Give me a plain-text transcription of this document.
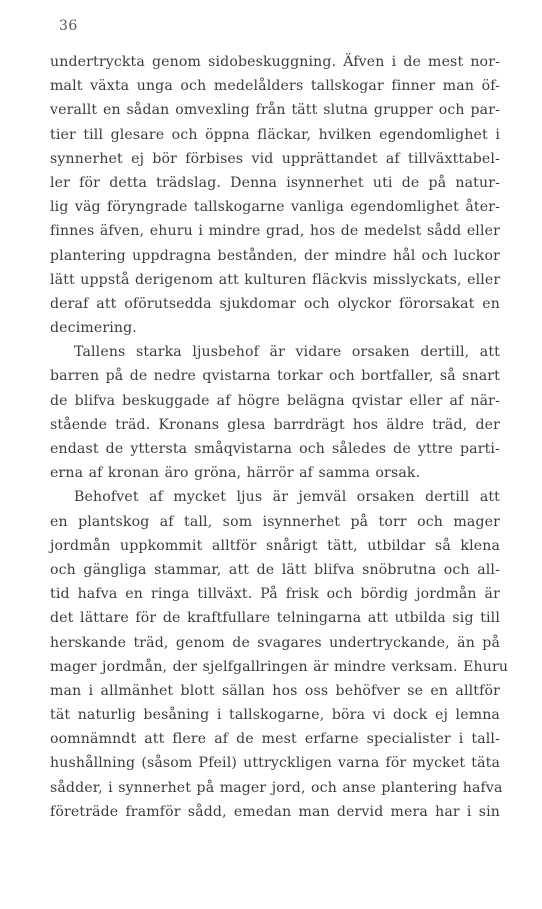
36
undertryckta genom sidobeskuggning. Äfven i de mest nor-
malt växta unga och medelålders tallskogar finner man öf-
verallt en sådan omvexling från tätt slutna grupper och par-
tier till glesare och öppna fläckar, hvilken egendomlighet i
synnerhet ej bör förbises vid upprättandet af tillväxttabel-
ler för detta trädslag. Denna isynnerhet uti de på natur-
lig väg föryngrade tallskogarne vanliga egendomlighet åter-
finnes äfven, ehuru i mindre grad, hos de medelst sådd eller
plantering uppdragna bestånden, der mindre hål och luckor
lätt uppstå derigenom att kulturen fläckvis misslyckats, eller
deraf att oförutsedda sjukdomar och olyckor förorsakat en
decimering.
Tallens starka ljusbehof är vidare orsaken dertill, att
barren på de nedre qvistarna torkar och bortfaller, så snart
de blifva beskuggade af högre belägna qvistar eller af när-
stående träd. Kronans glesa barrdrägt hos äldre träd, der
endast de yttersta småqvistarna och således de yttre parti-
erna af kronan äro gröna, härrör af samma orsak.
Behofvet af mycket ljus är jemväl orsaken dertill att
en plantskog af tall, som isynnerhet på torr och mager
jordmån uppkommit alltför snårigt tätt, utbildar så klena
och gängliga stammar, att de lätt blifva snöbrutna och all-
tid hafva en ringa tillväxt. På frisk och bördig jordmån är
det lättare för de kraftfullare telningarna att utbilda sig till
herskande träd, genom de svagares undertryckande, än på
mager jordmån, der sjelfgallringen är mindre verksam. Ehuru
man i allmänhet blott sällan hos oss behöfver se en alltför
tät naturlig besåning i tallskogarne, böra vi dock ej lemna
oomnämndt att flere af de mest erfarne specialister i tall-
hushållning (såsom Pfeil) uttryckligen varna för mycket täta
sådder, i synnerhet på mager jord, och anse plantering hafva
företräde framför sådd, emedan man dervid mera har i sin
